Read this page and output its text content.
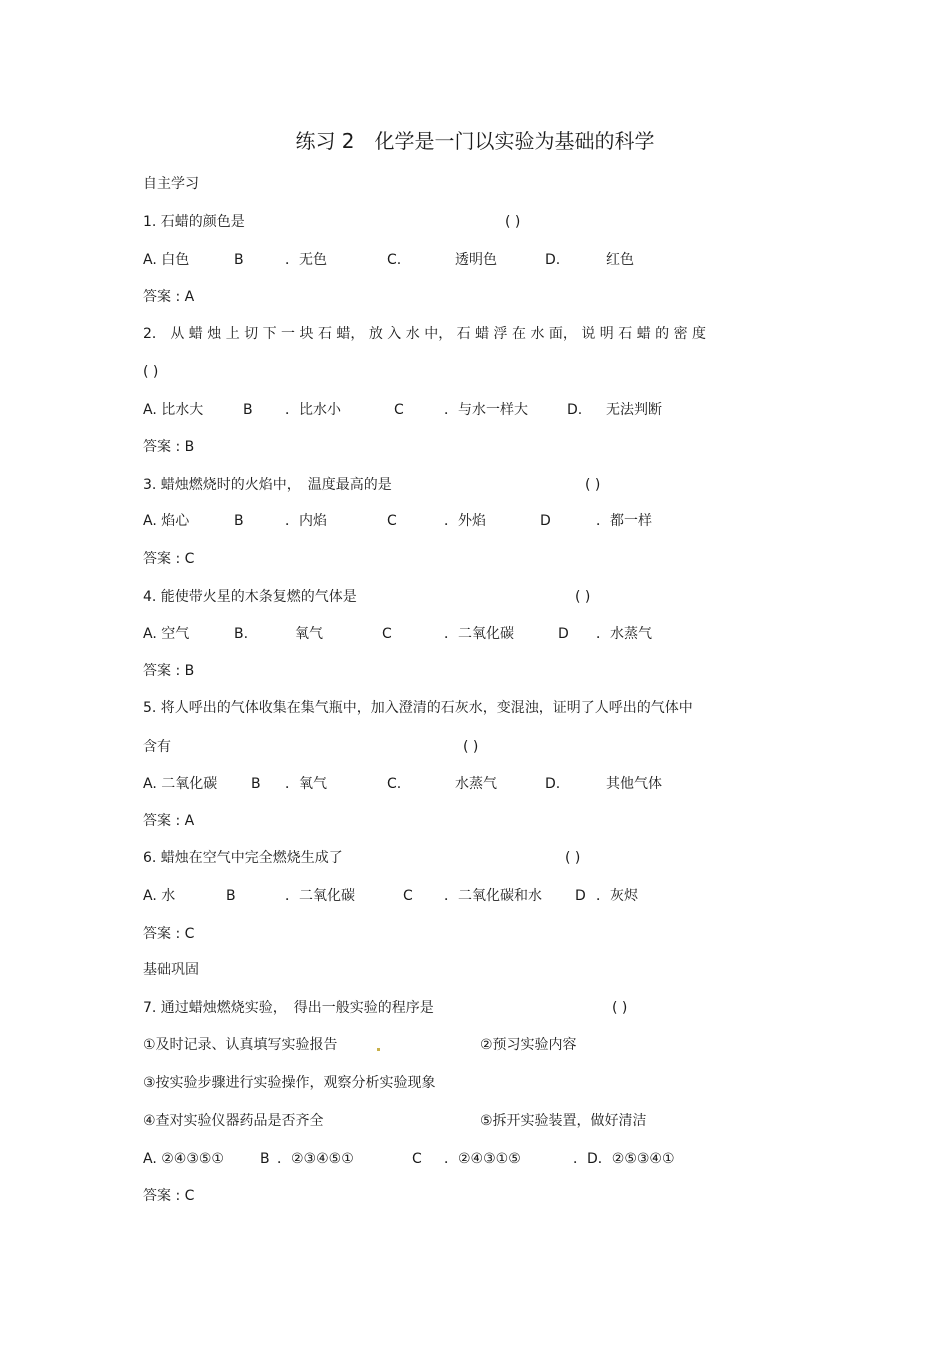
练习 2　化学是一门以实验为基础的科学
自主学习
1. 石蜡的颜色是	( )
A. 白色	B	．无色	C.	透明色	D.	红色
答案 : A
2． 从 蜡 烛 上 切 下 一 块 石 蜡， 放 入 水 中， 石 蜡 浮 在 水 面， 说 明 石 蜡 的 密 度
( )
A. 比水大	B ．比水小	C	．与水一样大	D. 无法判断
答案 : B
3. 蜡烛燃烧时的火焰中，　温度最高的是	( )
A. 焰心	B	．内焰	C	．外焰	D	．都一样
答案 : C
4. 能使带火星的木条复燃的气体是	( )
A. 空气	B.	氧气	C	．二氧化碳	D ．水蒸气
答案 : B
5. 将人呼出的气体收集在集气瓶中，加入澄清的石灰水，变混浊，证明了人呼出的气体中
含有	( )
A. 二氧化碳 B ．氧气	C.	水蒸气	D.	其他气体
答案 : A
6. 蜡烛在空气中完全燃烧生成了	( )
A. 水	B	．二氧化碳	C ．二氧化碳和水 D ．灰烬
答案 : C
基础巩固
7. 通过蜡烛燃烧实验，　得出一般实验的程序是	( )
①及时记录、认真填写实验报告	②预习实验内容
③按实验步骤进行实验操作，观察分析实验现象
④查对实验仪器药品是否齐全	⑤拆开实验装置，做好清洁
A. ②④③⑤①	B ．②③④⑤①	C ．②④③①⑤	．D．②⑤③④①
答案 : C
